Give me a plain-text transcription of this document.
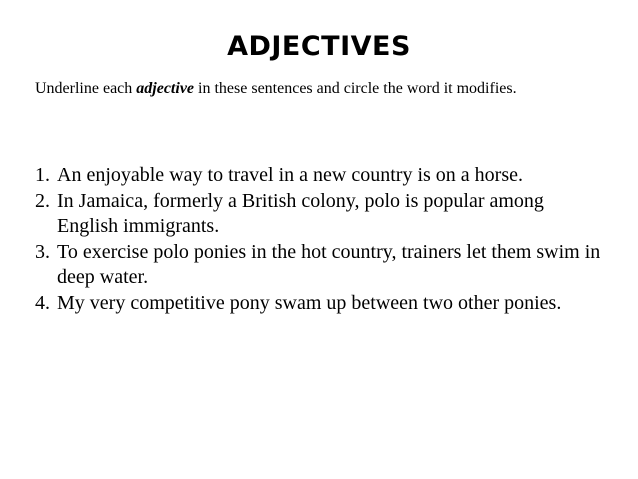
ADJECTIVES
Underline each adjective in these sentences and circle the word it modifies.
1. An enjoyable way to travel in a new country is on a horse.
2. In Jamaica, formerly a British colony, polo is popular among English immigrants.
3. To exercise polo ponies in the hot country, trainers let them swim in deep water.
4. My very competitive pony swam up between two other ponies.
